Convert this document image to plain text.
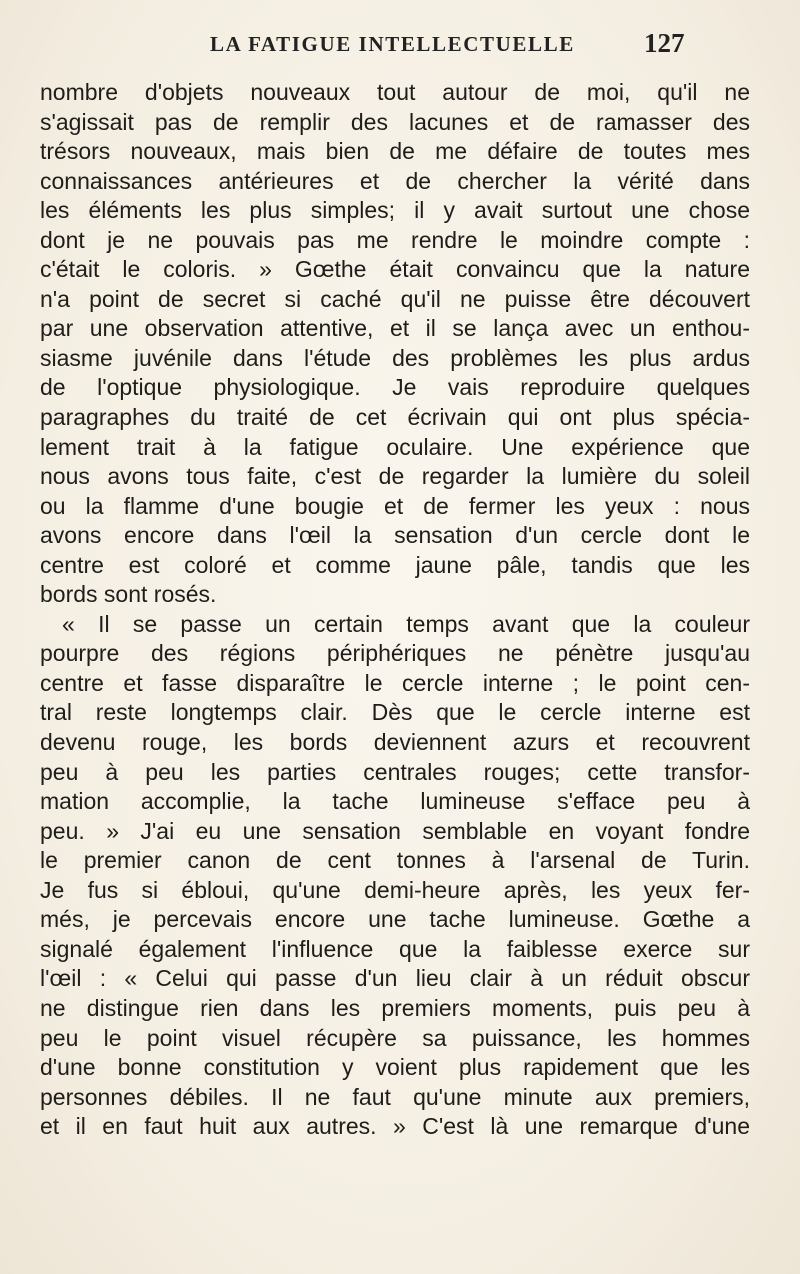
LA FATIGUE INTELLECTUELLE	127
nombre d'objets nouveaux tout autour de moi, qu'il ne
s'agissait pas de remplir des lacunes et de ramasser des
trésors nouveaux, mais bien de me défaire de toutes mes
connaissances antérieures et de chercher la vérité dans
les éléments les plus simples; il y avait surtout une chose
dont je ne pouvais pas me rendre le moindre compte :
c'était le coloris. » Gœthe était convaincu que la nature
n'a point de secret si caché qu'il ne puisse être découvert
par une observation attentive, et il se lança avec un enthou-
siasme juvénile dans l'étude des problèmes les plus ardus
de l'optique physiologique. Je vais reproduire quelques
paragraphes du traité de cet écrivain qui ont plus spécia-
lement trait à la fatigue oculaire. Une expérience que
nous avons tous faite, c'est de regarder la lumière du soleil
ou la flamme d'une bougie et de fermer les yeux : nous
avons encore dans l'œil la sensation d'un cercle dont le
centre est coloré et comme jaune pâle, tandis que les
bords sont rosés.
« Il se passe un certain temps avant que la couleur
pourpre des régions périphériques ne pénètre jusqu'au
centre et fasse disparaître le cercle interne ; le point cen-
tral reste longtemps clair. Dès que le cercle interne est
devenu rouge, les bords deviennent azurs et recouvrent
peu à peu les parties centrales rouges; cette transfor-
mation accomplie, la tache lumineuse s'efface peu à
peu. » J'ai eu une sensation semblable en voyant fondre
le premier canon de cent tonnes à l'arsenal de Turin.
Je fus si ébloui, qu'une demi-heure après, les yeux fer-
més, je percevais encore une tache lumineuse. Gœthe a
signalé également l'influence que la faiblesse exerce sur
l'œil : « Celui qui passe d'un lieu clair à un réduit obscur
ne distingue rien dans les premiers moments, puis peu à
peu le point visuel récupère sa puissance, les hommes
d'une bonne constitution y voient plus rapidement que les
personnes débiles. Il ne faut qu'une minute aux premiers,
et il en faut huit aux autres. » C'est là une remarque d'une
